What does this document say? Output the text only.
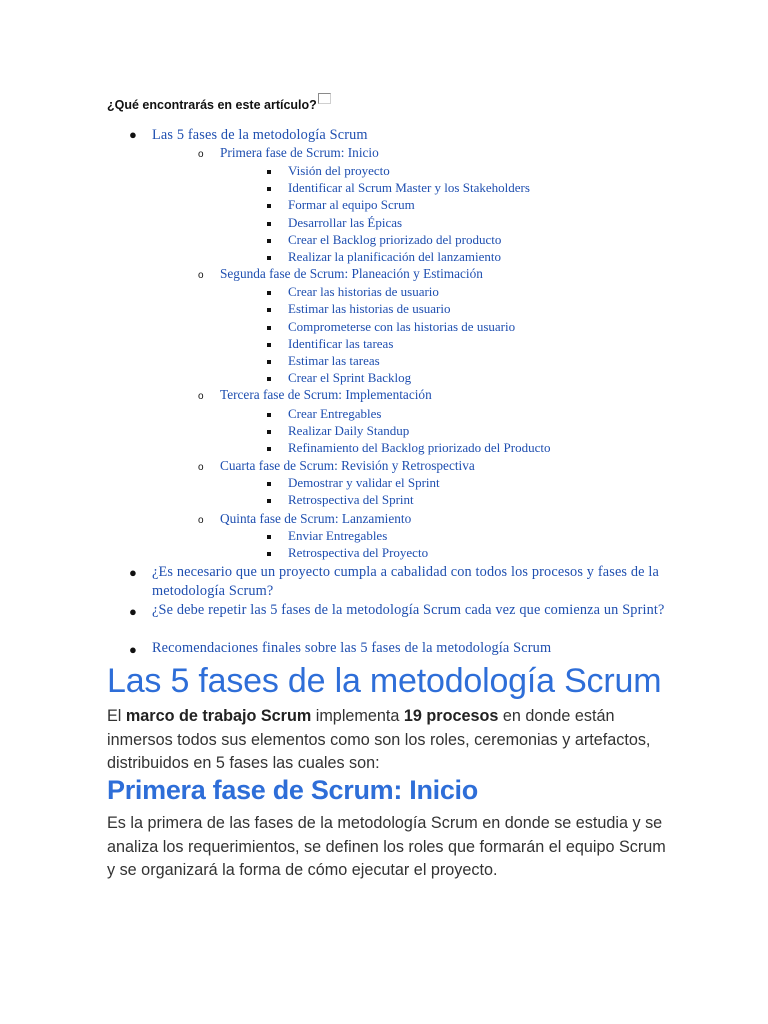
¿Qué encontrarás en este artículo?
● Las 5 fases de la metodología Scrum
o Primera fase de Scrum: Inicio
Visión del proyecto
Identificar al Scrum Master y los Stakeholders
Formar al equipo Scrum
Desarrollar las Épicas
Crear el Backlog priorizado del producto
Realizar la planificación del lanzamiento
o Segunda fase de Scrum: Planeación y Estimación
Crear las historias de usuario
Estimar las historias de usuario
Comprometerse con las historias de usuario
Identificar las tareas
Estimar las tareas
Crear el Sprint Backlog
o Tercera fase de Scrum: Implementación
Crear Entregables
Realizar Daily Standup
Refinamiento del Backlog priorizado del Producto
o Cuarta fase de Scrum: Revisión y Retrospectiva
Demostrar y validar el Sprint
Retrospectiva del Sprint
o Quinta fase de Scrum: Lanzamiento
Enviar Entregables
Retrospectiva del Proyecto
● ¿Es necesario que un proyecto cumpla a cabalidad con todos los procesos y fases de la metodología Scrum?
● ¿Se debe repetir las 5 fases de la metodología Scrum cada vez que comienza un Sprint?
● Recomendaciones finales sobre las 5 fases de la metodología Scrum
Las 5 fases de la metodología Scrum
El marco de trabajo Scrum implementa 19 procesos en donde están inmersos todos sus elementos como son los roles, ceremonias y artefactos, distribuidos en 5 fases las cuales son:
Primera fase de Scrum: Inicio
Es la primera de las fases de la metodología Scrum en donde se estudia y se analiza los requerimientos, se definen los roles que formarán el equipo Scrum y se organizará la forma de cómo ejecutar el proyecto.
